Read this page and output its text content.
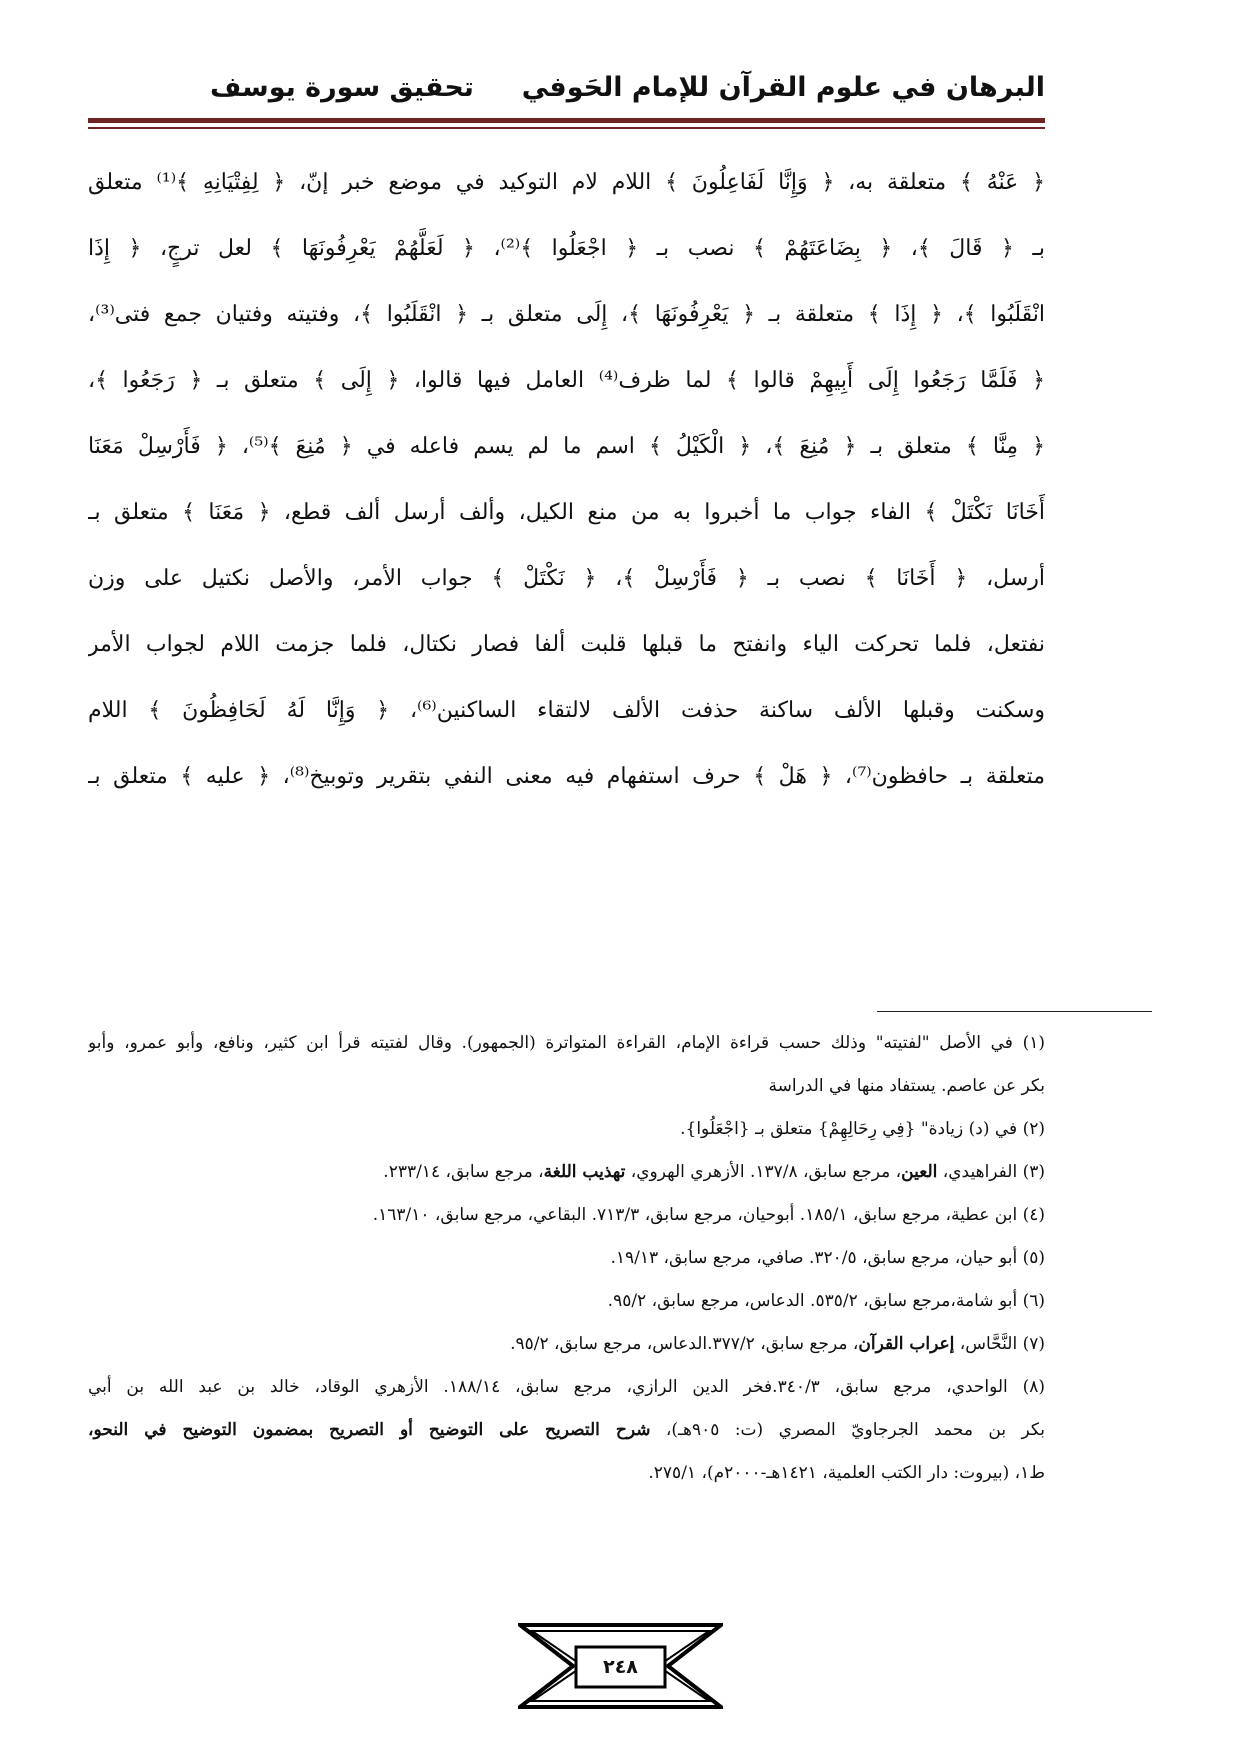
البرهان في علوم القرآن للإمام الحَوفي
تحقيق سورة يوسف
﴿ عَنْهُ ﴾ متعلقة به، ﴿ وَإِنَّا لَفَاعِلُونَ ﴾ اللام لام التوكيد في موضع خبر إنّ، ﴿ لِفِتْيَانِهِ ﴾⁽¹⁾ متعلق
بـ ﴿ قَالَ ﴾، ﴿ بِضَاعَتَهُمْ ﴾ نصب بـ ﴿ اجْعَلُوا ﴾⁽²⁾، ﴿ لَعَلَّهُمْ يَعْرِفُونَهَا ﴾ لعل ترجٍ، ﴿ إِذَا
انْقَلَبُوا ﴾، ﴿ إِذَا ﴾ متعلقة بـ ﴿ يَعْرِفُونَهَا ﴾، إِلَى متعلق بـ ﴿ انْقَلَبُوا ﴾، وفتيته وفتيان جمع فتى⁽³⁾،
﴿ فَلَمَّا رَجَعُوا إِلَى أَبِيهِمْ قالوا ﴾ لما ظرف⁽⁴⁾ العامل فيها قالوا، ﴿ إِلَى ﴾ متعلق بـ ﴿ رَجَعُوا ﴾،
﴿ مِنَّا ﴾ متعلق بـ ﴿ مُنِعَ ﴾، ﴿ الْكَيْلُ ﴾ اسم ما لم يسم فاعله في ﴿ مُنِعَ ﴾⁽⁵⁾، ﴿ فَأَرْسِلْ مَعَنَا
أَخَانَا نَكْتَلْ ﴾ الفاء جواب ما أخبروا به من منع الكيل، وألف أرسل ألف قطع، ﴿ مَعَنَا ﴾ متعلق بـ
أرسل، ﴿ أَخَانَا ﴾ نصب بـ ﴿ فَأَرْسِلْ ﴾، ﴿ نَكْتَلْ ﴾ جواب الأمر، والأصل نكتيل على وزن
نفتعل، فلما تحركت الياء وانفتح ما قبلها قلبت ألفا فصار نكتال، فلما جزمت اللام لجواب الأمر
وسكنت وقبلها الألف ساكنة حذفت الألف لالتقاء الساكنين⁽⁶⁾، ﴿ وَإِنَّا لَهُ لَحَافِظُونَ ﴾ اللام
متعلقة بـ حافظون⁽⁷⁾، ﴿ هَلْ ﴾ حرف استفهام فيه معنى النفي بتقرير وتوبيخ⁽⁸⁾، ﴿ عليه ﴾ متعلق بـ
(١) في الأصل "لفتيته" وذلك حسب قراءة الإمام، القراءة المتواترة (الجمهور). وقال لفتيته قرأ ابن كثير، ونافع، وأبو عمرو، وأبو
بكر عن عاصم. يستفاد منها في الدراسة
(٢) في (د) زيادة" {فِي رِحَالِهِمْ} متعلق بـ {اجْعَلُوا}.
(٣) الفراهيدي، العين، مرجع سابق، ١٣٧/٨. الأزهري الهروي، تهذيب اللغة، مرجع سابق، ٢٣٣/١٤.
(٤) ابن عطية، مرجع سابق، ١٨٥/١. أبوحيان، مرجع سابق، ٧١٣/٣. البقاعي، مرجع سابق، ١٦٣/١٠.
(٥) أبو حيان، مرجع سابق، ٣٢٠/٥. صافي، مرجع سابق، ١٩/١٣.
(٦) أبو شامة،مرجع سابق، ٥٣٥/٢. الدعاس، مرجع سابق، ٩٥/٢.
(٧) النَّحَّاس، إعراب القرآن، مرجع سابق، ٣٧٧/٢.الدعاس، مرجع سابق، ٩٥/٢.
(٨) الواحدي، مرجع سابق، ٣٤٠/٣.فخر الدين الرازي، مرجع سابق، ١٨٨/١٤. الأزهري الوقاد، خالد بن عبد الله بن أبي
بكر بن محمد الجرجاويّ المصري (ت: ٩٠٥هـ)، شرح التصريح على التوضيح أو التصريح بمضمون التوضيح في النحو،
ط١، (بيروت: دار الكتب العلمية، ١٤٢١هـ-٢٠٠٠م)، ٢٧٥/١.
٢٤٨
